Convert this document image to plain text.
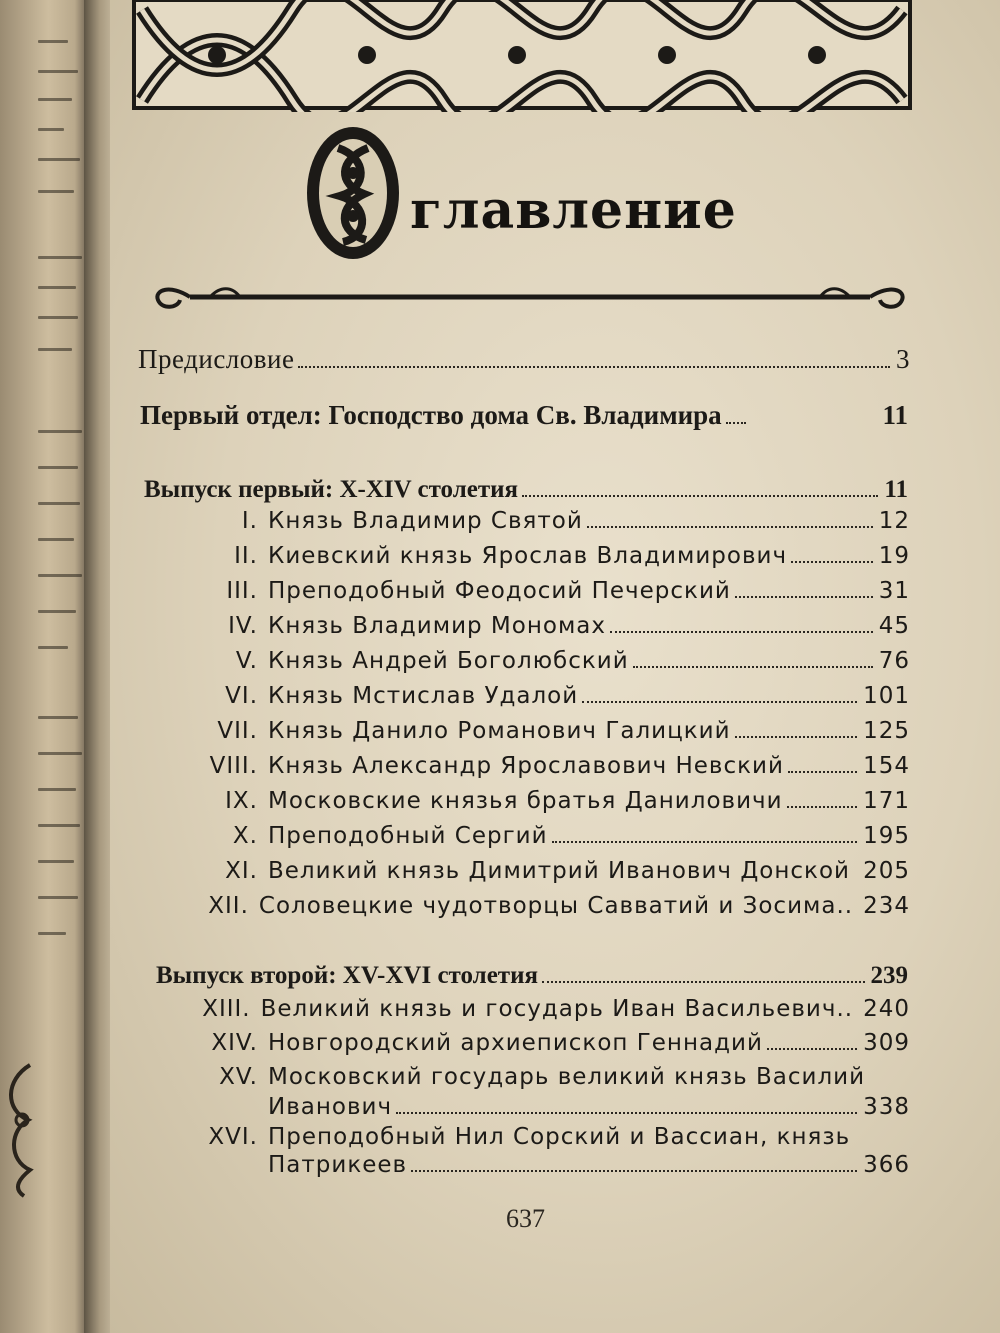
главление
Предисловие	3
Первый отдел: Господство дома Св. Владимира	11
Выпуск первый: X-XIV столетия	11
I. Князь Владимир Святой	12
II. Киевский князь Ярослав Владимирович	19
III. Преподобный Феодосий Печерский	31
IV. Князь Владимир Мономах	45
V. Князь Андрей Боголюбский	76
VI. Князь Мстислав Удалой	101
VII. Князь Данило Романович Галицкий	125
VIII. Князь Александр Ярославович Невский	154
IX. Московские князья братья Даниловичи	171
X. Преподобный Сергий	195
XI. Великий князь Димитрий Иванович Донской 205
XII. Соловецкие чудотворцы Савватий и Зосима.. 234
Выпуск второй: XV-XVI столетия	239
XIII. Великий князь и государь Иван Васильевич.. 240
XIV. Новгородский архиепископ Геннадий	309
XV. Московский государь великий князь Василий
Иванович	338
XVI. Преподобный Нил Сорский и Вассиан, князь
Патрикеев	366
637
